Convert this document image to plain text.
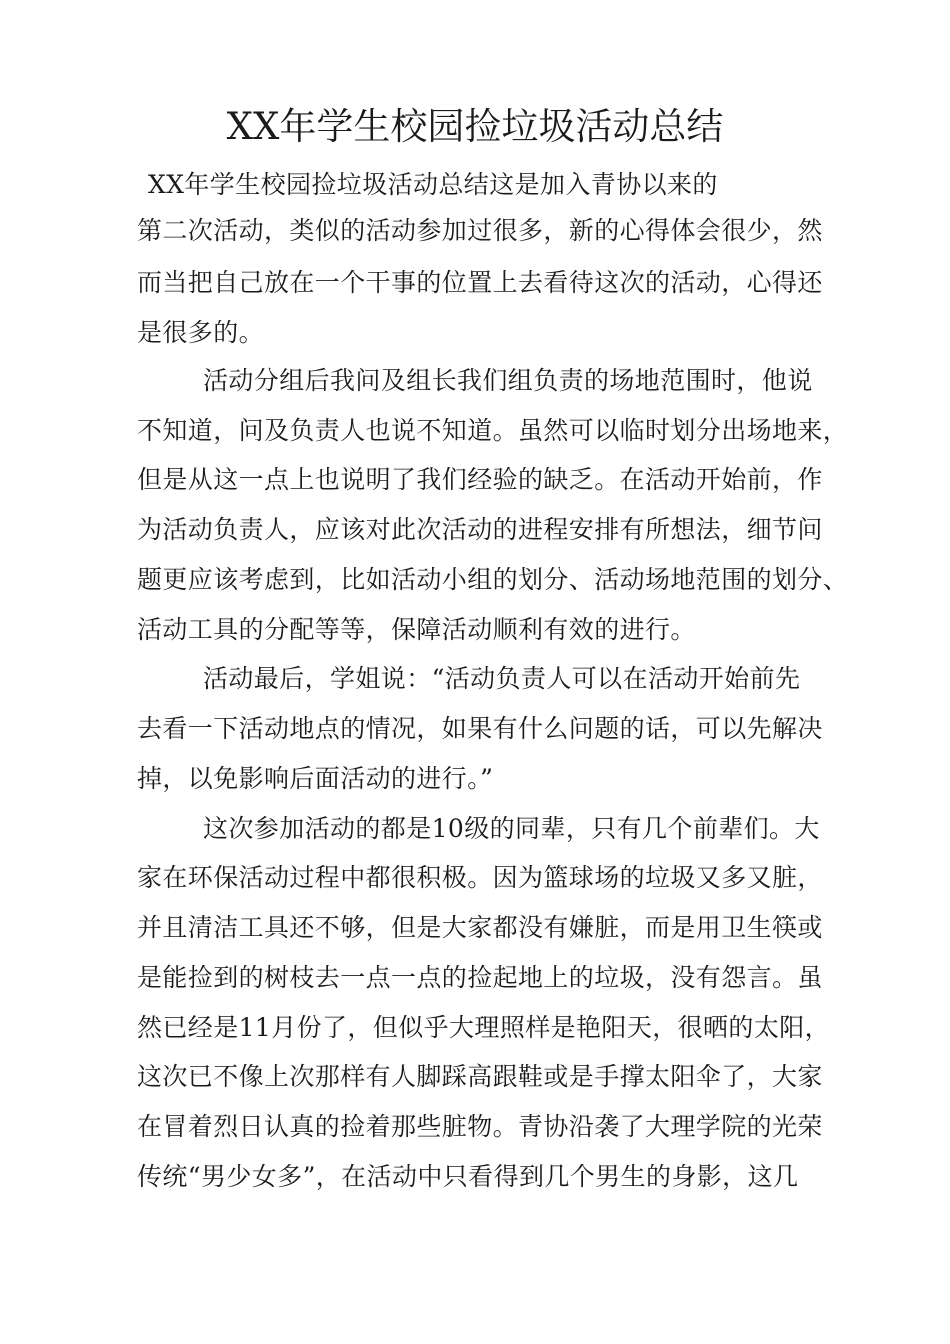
XX年学生校园捡垃圾活动总结
XX年学生校园捡垃圾活动总结这是加入青协以来的
第二次活动，类似的活动参加过很多，新的心得体会很少，然
而当把自己放在一个干事的位置上去看待这次的活动，心得还
是很多的。
活动分组后我问及组长我们组负责的场地范围时，他说
不知道，问及负责人也说不知道。虽然可以临时划分出场地来，
但是从这一点上也说明了我们经验的缺乏。在活动开始前，作
为活动负责人，应该对此次活动的进程安排有所想法，细节问
题更应该考虑到，比如活动小组的划分、活动场地范围的划分、
活动工具的分配等等，保障活动顺利有效的进行。
活动最后，学姐说：“活动负责人可以在活动开始前先
去看一下活动地点的情况，如果有什么问题的话，可以先解决
掉，以免影响后面活动的进行。”
这次参加活动的都是10级的同辈，只有几个前辈们。大
家在环保活动过程中都很积极。因为篮球场的垃圾又多又脏，
并且清洁工具还不够，但是大家都没有嫌脏，而是用卫生筷或
是能捡到的树枝去一点一点的捡起地上的垃圾，没有怨言。虽
然已经是11月份了，但似乎大理照样是艳阳天，很晒的太阳，
这次已不像上次那样有人脚踩高跟鞋或是手撑太阳伞了，大家
在冒着烈日认真的捡着那些脏物。青协沿袭了大理学院的光荣
传统“男少女多”，在活动中只看得到几个男生的身影，这几
